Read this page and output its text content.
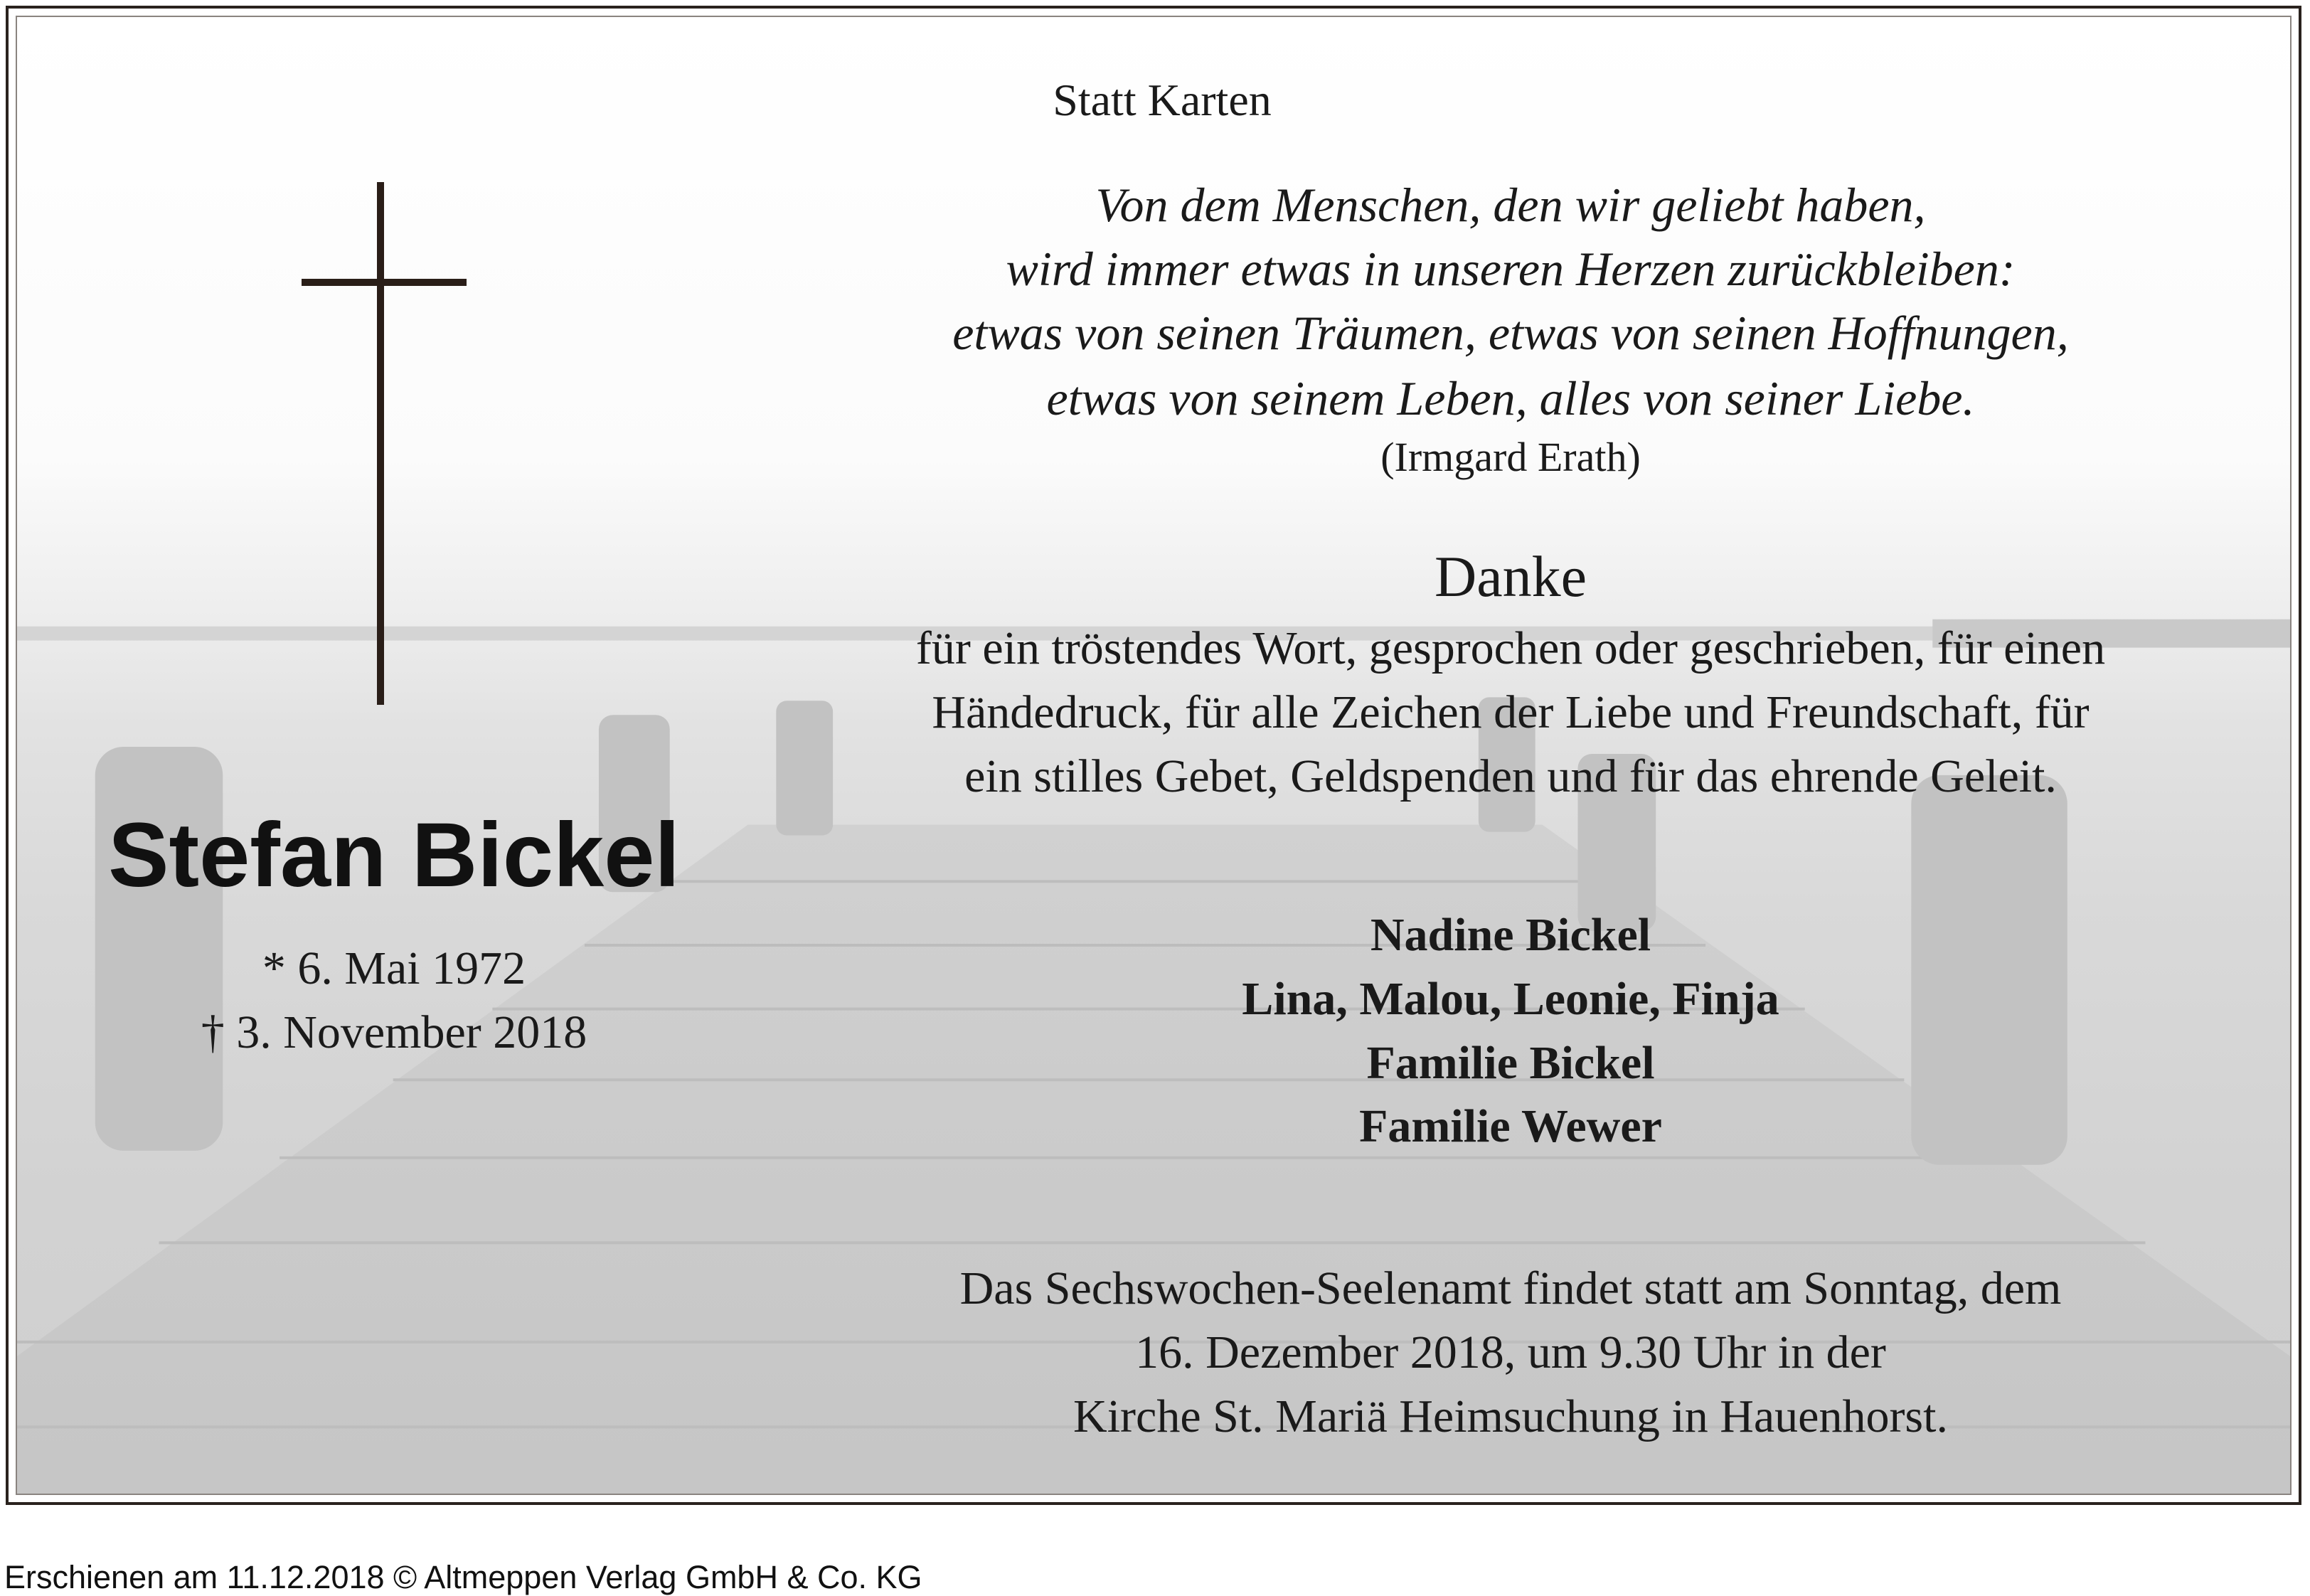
Statt Karten
Von dem Menschen, den wir geliebt haben,
wird immer etwas in unseren Herzen zurückbleiben:
etwas von seinen Träumen, etwas von seinen Hoffnungen,
etwas von seinem Leben, alles von seiner Liebe.
(Irmgard Erath)
Danke
für ein tröstendes Wort, gesprochen oder geschrieben, für einen
Händedruck, für alle Zeichen der Liebe und Freundschaft, für
ein stilles Gebet, Geldspenden und für das ehrende Geleit.
Stefan Bickel
* 6. Mai 1972
† 3. November 2018
Nadine Bickel
Lina, Malou, Leonie, Finja
Familie Bickel
Familie Wewer
Das Sechswochen-Seelenamt findet statt am Sonntag, dem
16. Dezember 2018, um 9.30 Uhr in der
Kirche St. Mariä Heimsuchung in Hauenhorst.
Erschienen am 11.12.2018 © Altmeppen Verlag GmbH & Co. KG
